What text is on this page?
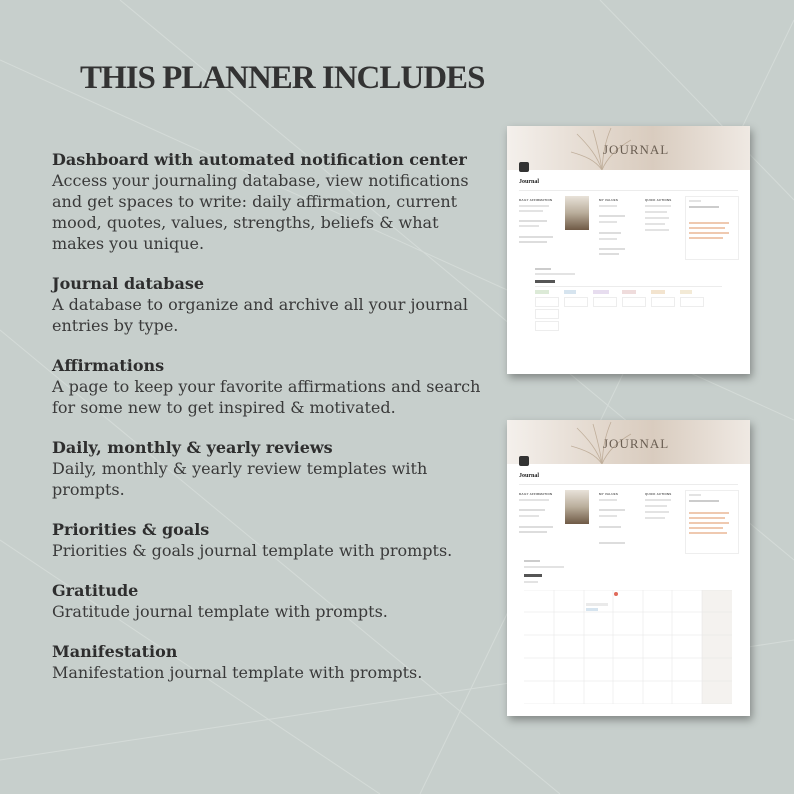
THIS PLANNER INCLUDES
Dashboard with automated notification center

Access your journaling database, view notifications and get spaces to write: daily affirmation, current mood, quotes, values, strengths, beliefs & what makes you unique.

Journal database

A database to organize and archive all your journal entries by type.

Affirmations

A page to keep your favorite affirmations and search for some new to get inspired & motivated.

Daily, monthly & yearly reviews

Daily, monthly & yearly review templates with prompts.

Priorities & goals

Priorities & goals journal template with prompts.

Gratitude

Gratitude journal template with prompts.

Manifestation

Manifestation journal template with prompts.

JOURNAL
Journal
DAILY AFFIRMATION	MY VALUES	QUICK ACTIONS
JOURNAL
Journal
DAILY AFFIRMATION	MY VALUES	QUICK ACTIONS
